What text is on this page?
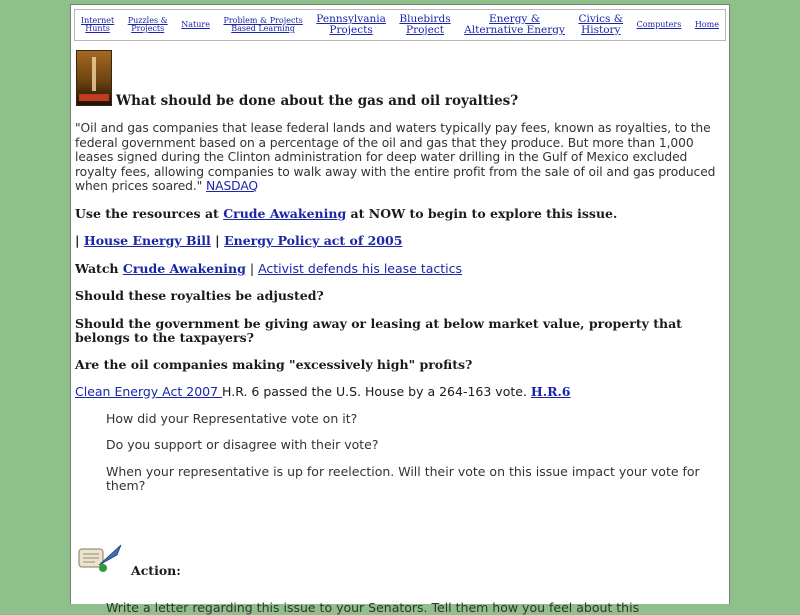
Internet
Hunts
Puzzles &
Projects	Nature Problem & Projects
Based Learning
Pennsylvania
Projects
Bluebirds
Project
Energy &
Alternative Energy
Civics &
History	Computers Home
What should be done about the gas and oil royalties?

"Oil and gas companies that lease federal lands and waters typically pay fees, known as royalties, to the federal government based on a percentage of the oil and gas that they produce. But more than 1,000 leases signed during the Clinton administration for deep water drilling in the Gulf of Mexico excluded royalty fees, allowing companies to walk away with the entire profit from the sale of oil and gas produced when prices soared." NASDAQ

Use the resources at Crude Awakening at NOW to begin to explore this issue.

| House Energy Bill | Energy Policy act of 2005

Watch Crude Awakening | Activist defends his lease tactics

Should these royalties be adjusted?

Should the government be giving away or leasing at below market value, property that belongs to the taxpayers?

Are the oil companies making "excessively high" profits?

Clean Energy Act 2007 H.R. 6 passed the U.S. House by a 264-163 vote. H.R.6

How did your Representative vote on it?

Do you support or disagree with their vote?

When your representative is up for reelection. Will their vote on this issue impact your vote for them?

Action:

Write a letter regarding this issue to your Senators. Tell them how you feel about this
